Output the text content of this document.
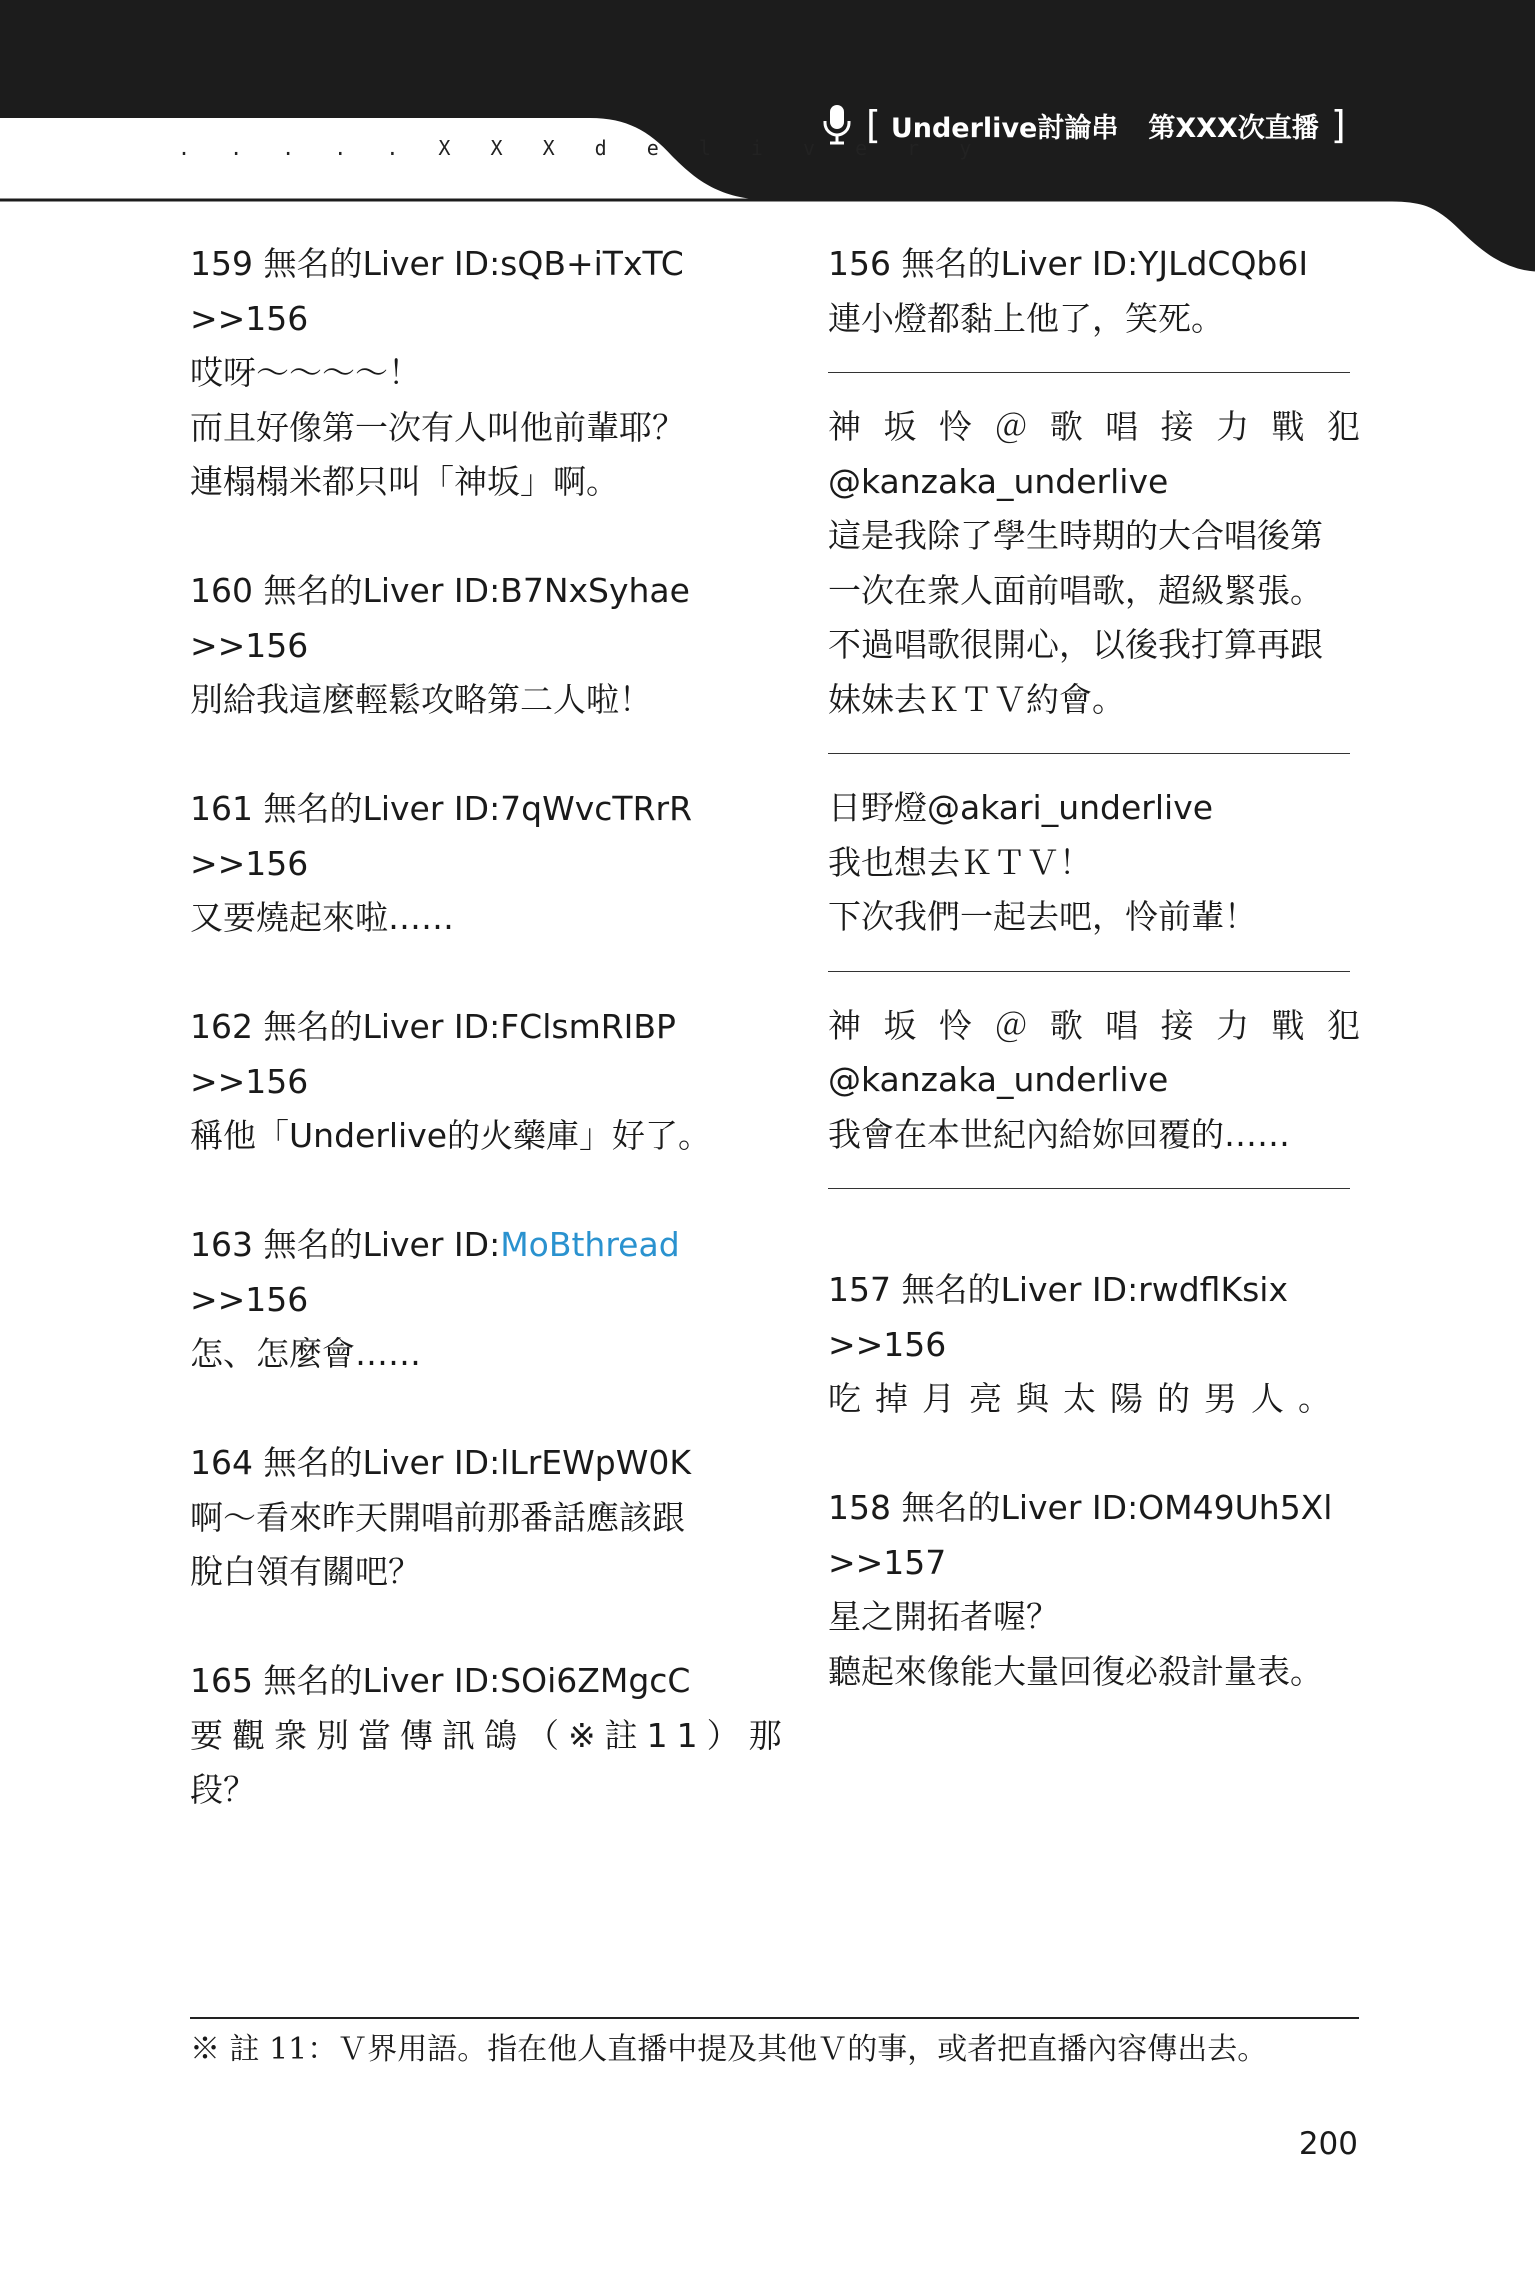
. . . . . X X X d e l i v e r y
[ Underlive討論串 第XXX次直播 ]
159 無名的Liver ID:sQB+iTxTC
>>156
哎呀～～～～！
而且好像第一次有人叫他前輩耶？
連榻榻米都只叫「神坂」啊。
160 無名的Liver ID:B7NxSyhae
>>156
別給我這麼輕鬆攻略第二人啦！
161 無名的Liver ID:7qWvcTRrR
>>156
又要燒起來啦……
162 無名的Liver ID:FClsmRIBP
>>156
稱他「Underlive的火藥庫」好了。
163 無名的Liver ID:MoBthread
>>156
怎、怎麼會……
164 無名的Liver ID:lLrEWpW0K
啊～看來昨天開唱前那番話應該跟
脫白領有關吧？
165 無名的Liver ID:SOi6ZMgcC
要觀衆別當傳訊鴿（※註11）那
段？
156 無名的Liver ID:YJLdCQb6I
連小燈都黏上他了，笑死。
神坂怜＠歌唱接力戰犯
@kanzaka_underlive
這是我除了學生時期的大合唱後第
一次在衆人面前唱歌，超級緊張。
不過唱歌很開心，以後我打算再跟
妹妹去ＫＴＶ約會。
日野燈@akari_underlive
我也想去ＫＴＶ！
下次我們一起去吧，怜前輩！
神坂怜＠歌唱接力戰犯
@kanzaka_underlive
我會在本世紀內給妳回覆的……
157 無名的Liver ID:rwdflKsix
>>156
吃掉月亮與太陽的男人。
158 無名的Liver ID:OM49Uh5Xl
>>157
星之開拓者喔？
聽起來像能大量回復必殺計量表。
※ 註 11：Ｖ界用語。指在他人直播中提及其他Ｖ的事，或者把直播內容傳出去。
200
